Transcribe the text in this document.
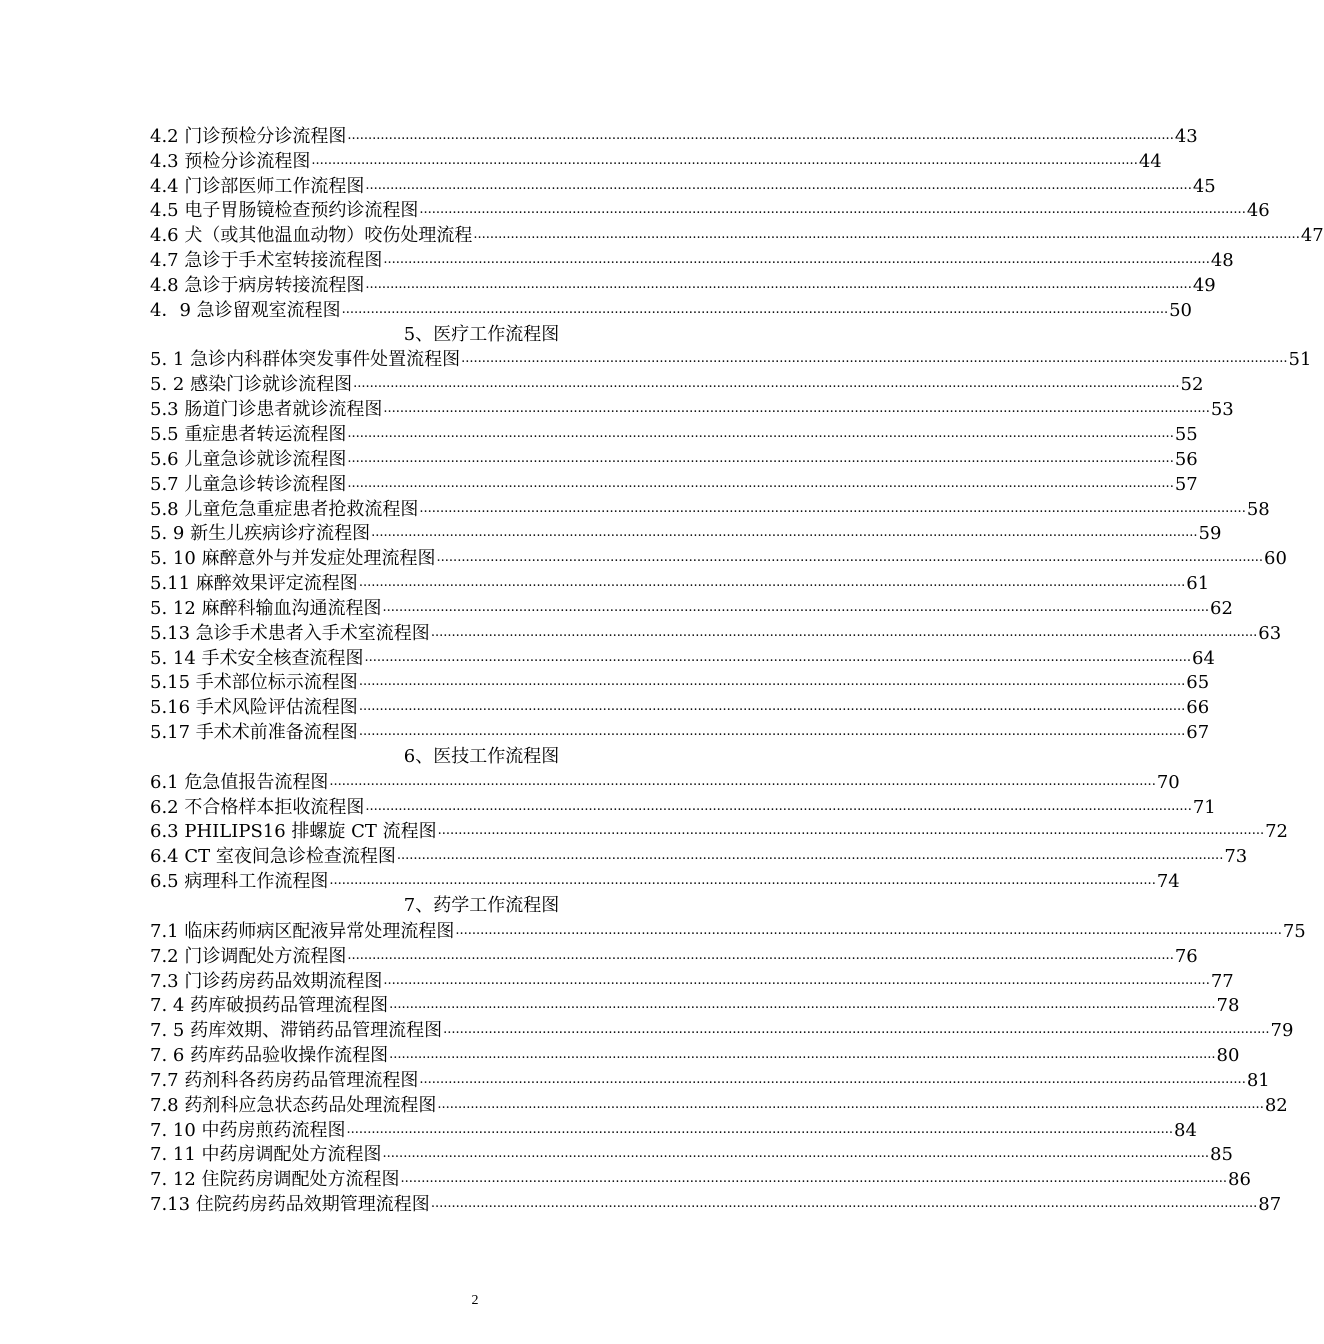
4.2 门诊预检分诊流程图 ........................................................................................................................................................................................................ 43
4.3 预检分诊流程图 ........................................................................................................................................................................................................ 44
4.4 门诊部医师工作流程图 ........................................................................................................................................................................................................ 45
4.5 电子胃肠镜检查预约诊流程图 ........................................................................................................................................................................................................ 46
4.6 犬（或其他温血动物）咬伤处理流程 ........................................................................................................................................................................................................ 47
4.7 急诊于手术室转接流程图 ........................................................................................................................................................................................................ 48
4.8 急诊于病房转接流程图 ........................................................................................................................................................................................................ 49
4．9 急诊留观室流程图 ........................................................................................................................................................................................................ 50
5、医疗工作流程图
5. 1 急诊内科群体突发事件处置流程图 ........................................................................................................................................................................................................ 51
5. 2 感染门诊就诊流程图 ........................................................................................................................................................................................................ 52
5.3 肠道门诊患者就诊流程图 ........................................................................................................................................................................................................ 53
5.5 重症患者转运流程图 ........................................................................................................................................................................................................ 55
5.6 儿童急诊就诊流程图 ........................................................................................................................................................................................................ 56
5.7 儿童急诊转诊流程图 ........................................................................................................................................................................................................ 57
5.8 儿童危急重症患者抢救流程图 ........................................................................................................................................................................................................ 58
5. 9 新生儿疾病诊疗流程图 ........................................................................................................................................................................................................ 59
5. 10 麻醉意外与并发症处理流程图 ........................................................................................................................................................................................................ 60
5.11 麻醉效果评定流程图 ........................................................................................................................................................................................................ 61
5. 12 麻醉科输血沟通流程图 ........................................................................................................................................................................................................ 62
5.13 急诊手术患者入手术室流程图 ........................................................................................................................................................................................................ 63
5. 14 手术安全核查流程图 ........................................................................................................................................................................................................ 64
5.15 手术部位标示流程图 ........................................................................................................................................................................................................ 65
5.16 手术风险评估流程图 ........................................................................................................................................................................................................ 66
5.17 手术术前准备流程图 ........................................................................................................................................................................................................ 67
6、医技工作流程图
6.1 危急值报告流程图 ........................................................................................................................................................................................................ 70
6.2 不合格样本拒收流程图 ........................................................................................................................................................................................................ 71
6.3 PHILIPS16 排螺旋 CT 流程图 ........................................................................................................................................................................................................ 72
6.4 CT 室夜间急诊检查流程图 ........................................................................................................................................................................................................ 73
6.5 病理科工作流程图 ........................................................................................................................................................................................................ 74
7、药学工作流程图
7.1 临床药师病区配液异常处理流程图 ........................................................................................................................................................................................................ 75
7.2 门诊调配处方流程图 ........................................................................................................................................................................................................ 76
7.3 门诊药房药品效期流程图 ........................................................................................................................................................................................................ 77
7. 4 药库破损药品管理流程图 ........................................................................................................................................................................................................ 78
7. 5 药库效期、滞销药品管理流程图 ........................................................................................................................................................................................................ 79
7. 6 药库药品验收操作流程图 ........................................................................................................................................................................................................ 80
7.7 药剂科各药房药品管理流程图 ........................................................................................................................................................................................................ 81
7.8 药剂科应急状态药品处理流程图 ........................................................................................................................................................................................................ 82
7. 10 中药房煎药流程图 ........................................................................................................................................................................................................ 84
7. 11 中药房调配处方流程图 ........................................................................................................................................................................................................ 85
7. 12 住院药房调配处方流程图 ........................................................................................................................................................................................................ 86
7.13 住院药房药品效期管理流程图 ........................................................................................................................................................................................................ 87
2
